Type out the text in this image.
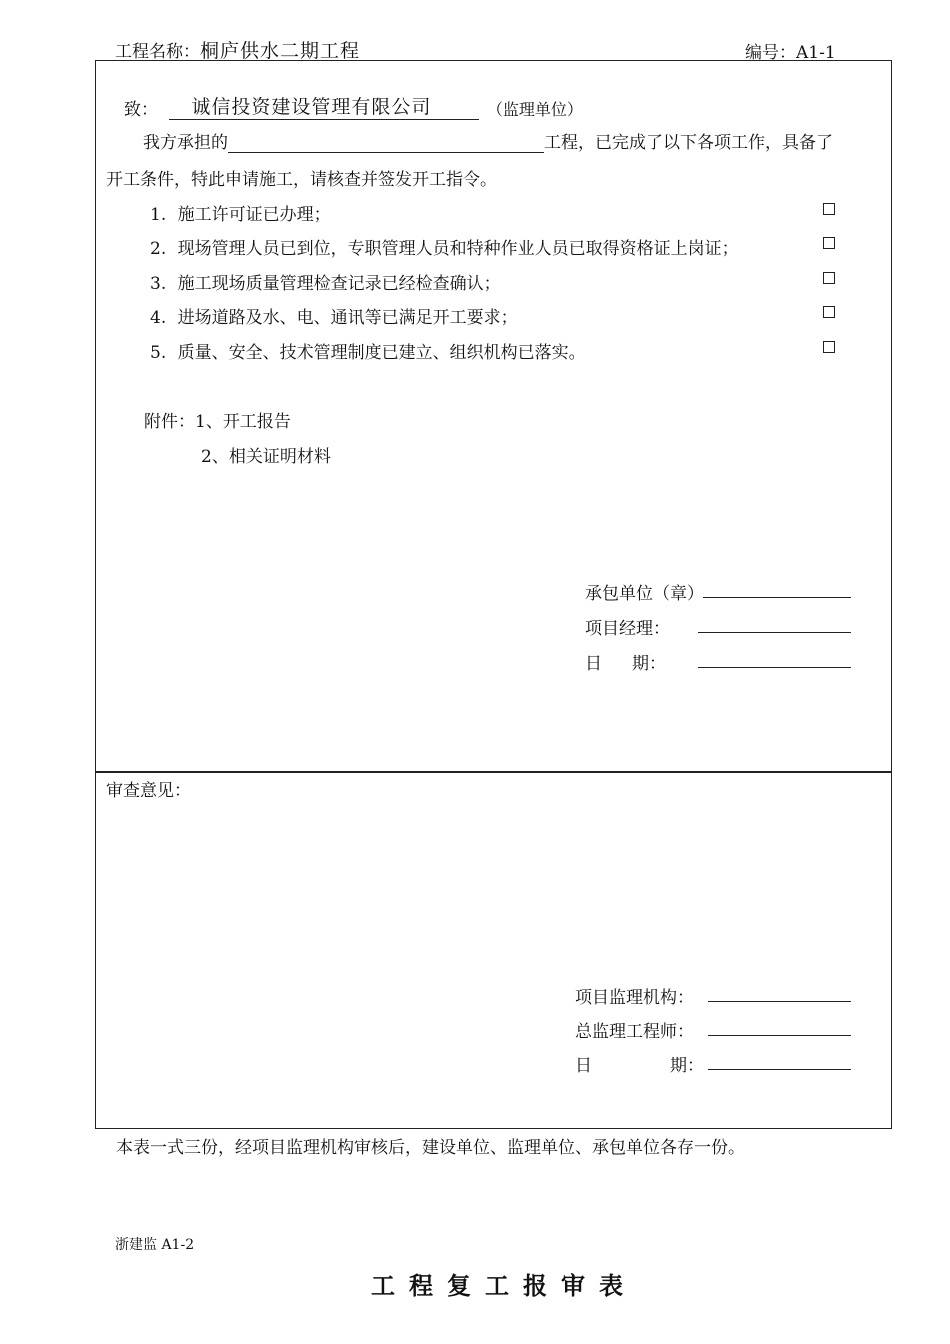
工程名称：桐庐供水二期工程	编号：A1-1
致： 诚信投资建设管理有限公司	（监理单位）
我方承担的	工程，已完成了以下各项工作，具备了
开工条件，特此申请施工，请核查并签发开工指令。
1. 施工许可证已办理；
2. 现场管理人员已到位，专职管理人员和特种作业人员已取得资格证上岗证；
3. 施工现场质量管理检查记录已经检查确认；
4. 进场道路及水、电、通讯等已满足开工要求；
5. 质量、安全、技术管理制度已建立、组织机构已落实。
附件：1、开工报告
2、相关证明材料
承包单位（章）
项目经理：
日 期：
审查意见：
项目监理机构：
总监理工程师：
日	期：
本表一式三份，经项目监理机构审核后，建设单位、监理单位、承包单位各存一份。
浙建监 A1-2
工程复工报审表
